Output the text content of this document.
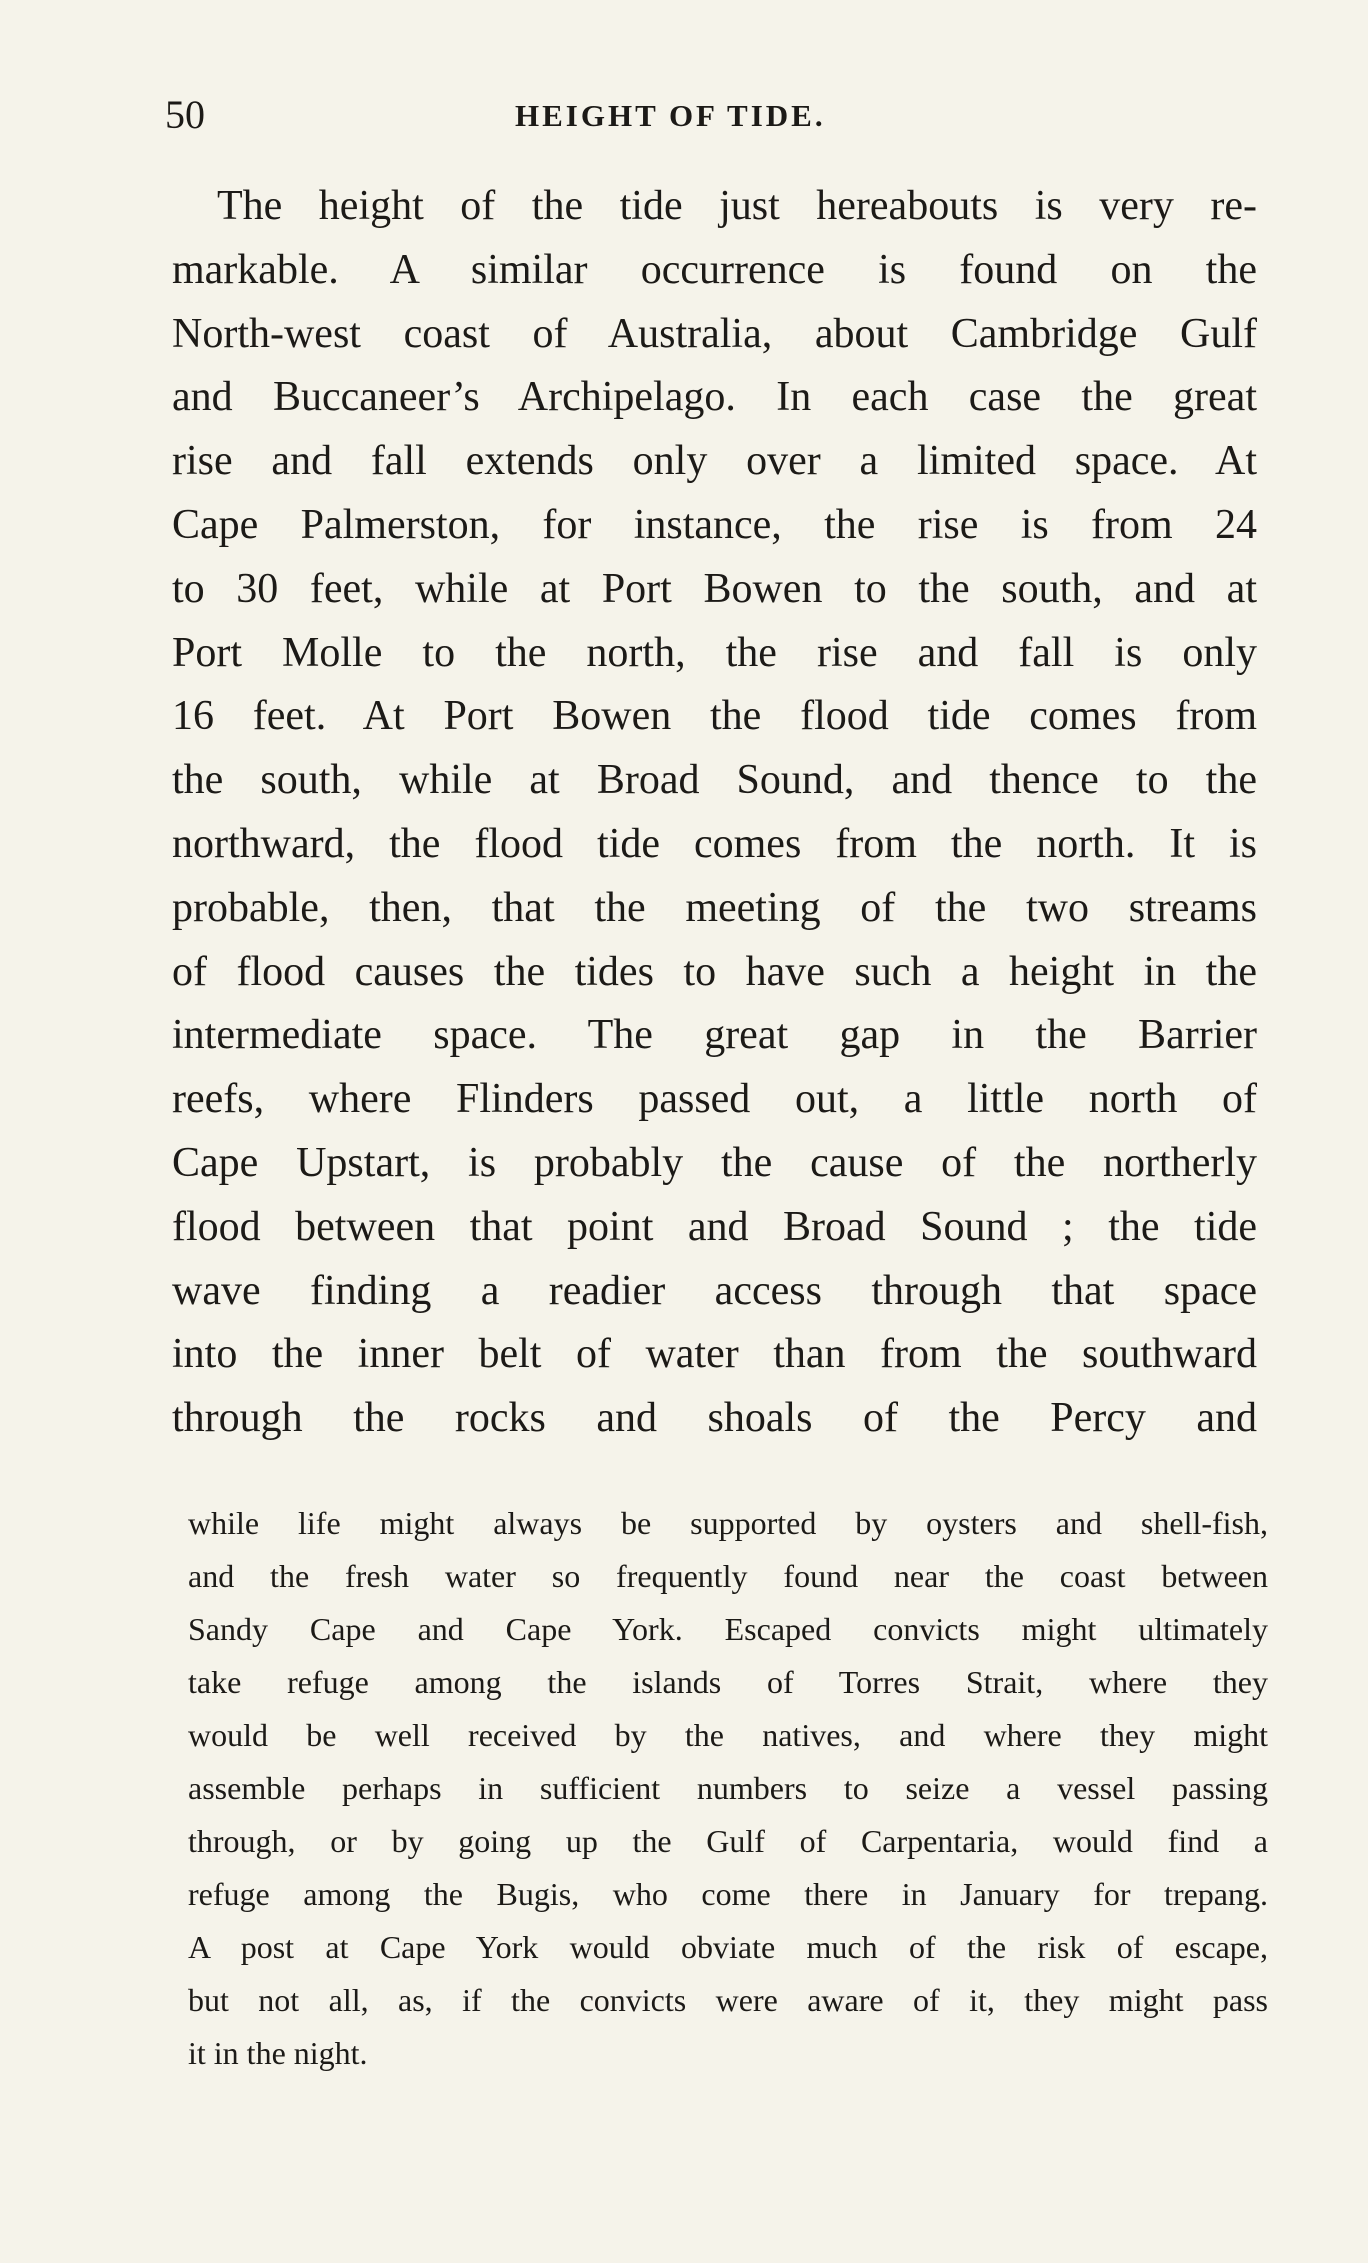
50	HEIGHT OF TIDE.
The height of the tide just hereabouts is very re-
markable. A similar occurrence is found on the
North-west coast of Australia, about Cambridge Gulf
and Buccaneer’s Archipelago. In each case the great
rise and fall extends only over a limited space. At
Cape Palmerston, for instance, the rise is from 24
to 30 feet, while at Port Bowen to the south, and at
Port Molle to the north, the rise and fall is only
16 feet. At Port Bowen the flood tide comes from
the south, while at Broad Sound, and thence to the
northward, the flood tide comes from the north. It is
probable, then, that the meeting of the two streams
of flood causes the tides to have such a height in the
intermediate space. The great gap in the Barrier
reefs, where Flinders passed out, a little north of
Cape Upstart, is probably the cause of the northerly
flood between that point and Broad Sound ; the tide
wave finding a readier access through that space
into the inner belt of water than from the southward
through the rocks and shoals of the Percy and
while life might always be supported by oysters and shell-fish,
and the fresh water so frequently found near the coast between
Sandy Cape and Cape York. Escaped convicts might ultimately
take refuge among the islands of Torres Strait, where they
would be well received by the natives, and where they might
assemble perhaps in sufficient numbers to seize a vessel passing
through, or by going up the Gulf of Carpentaria, would find a
refuge among the Bugis, who come there in January for trepang.
A post at Cape York would obviate much of the risk of escape,
but not all, as, if the convicts were aware of it, they might pass
it in the night.
